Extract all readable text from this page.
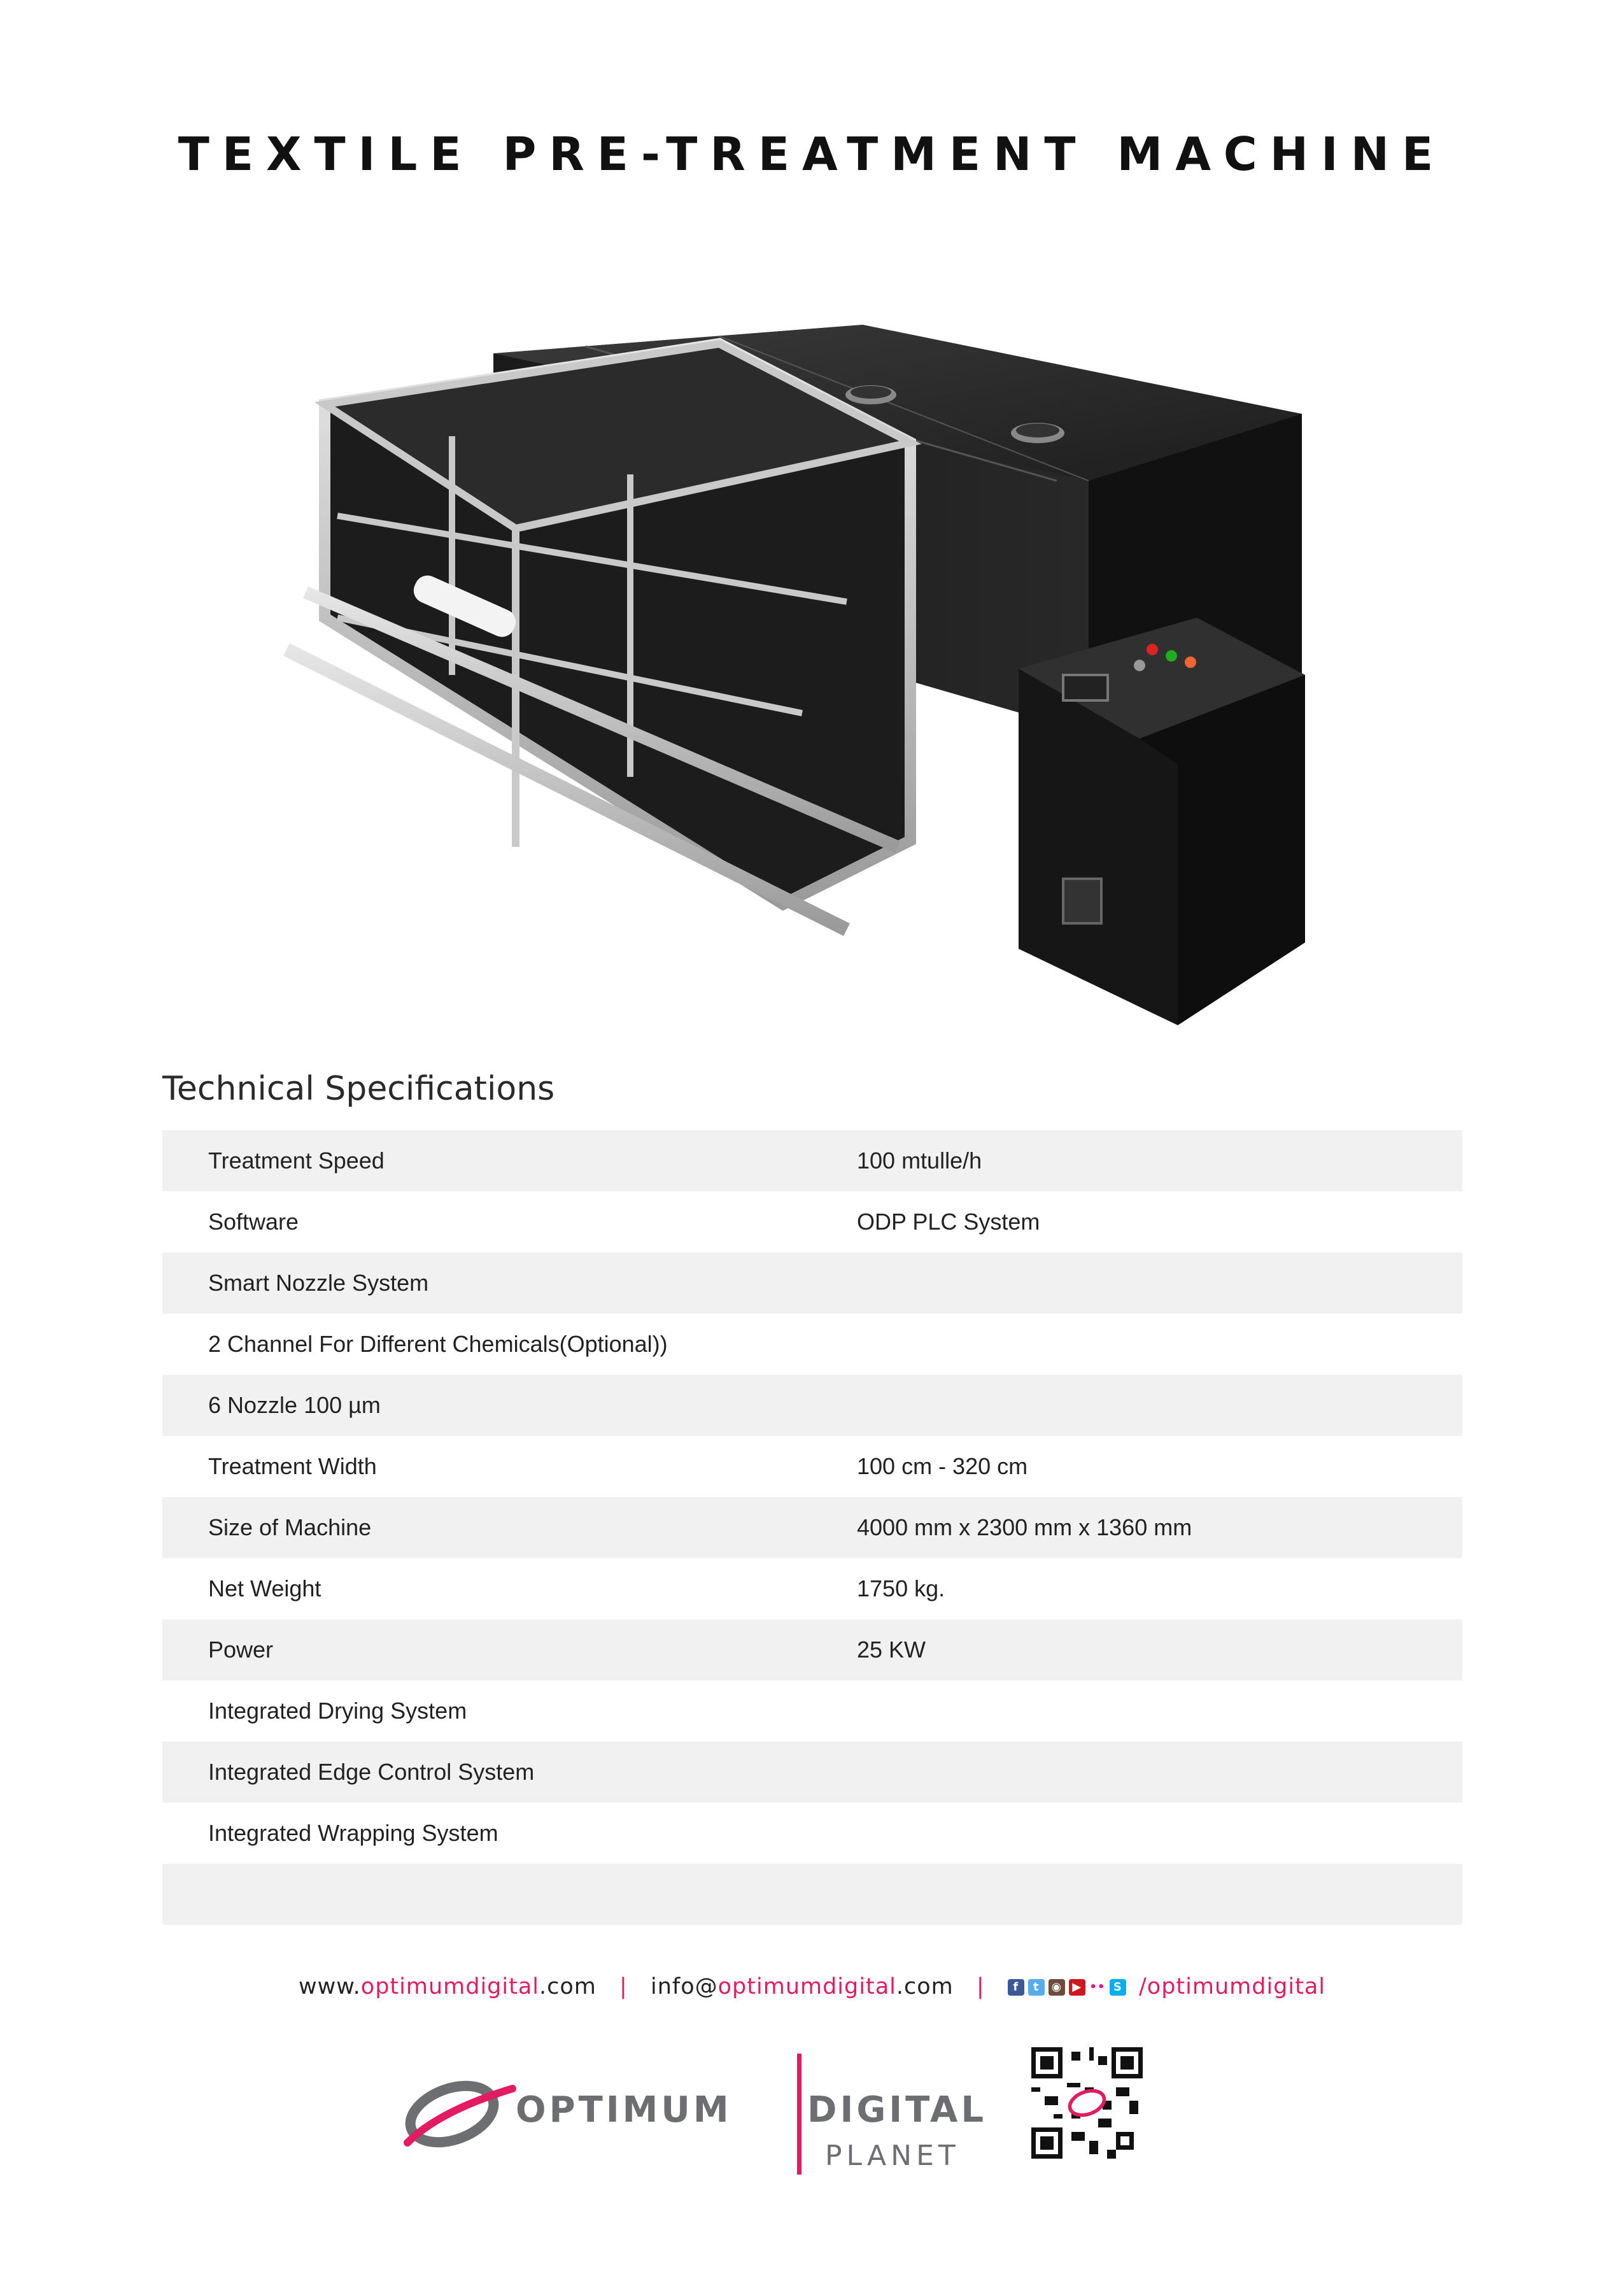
TEXTILE PRE-TREATMENT MACHINE
Technical Specifications
Treatment Speed	100 mtulle/h
Software	ODP PLC System
Smart Nozzle System
2 Channel For Different Chemicals(Optional))
6 Nozzle 100 µm
Treatment Width	100 cm - 320 cm
Size of Machine	4000 mm x 2300 mm x 1360 mm
Net Weight	1750 kg.
Power	25 KW
Integrated Drying System
Integrated Edge Control System
Integrated Wrapping System
www.optimumdigital.com | info@optimumdigital.com |	f	t	◉ ▶ •• S /optimumdigital
OPTIMUM DIGITAL
PLANET
